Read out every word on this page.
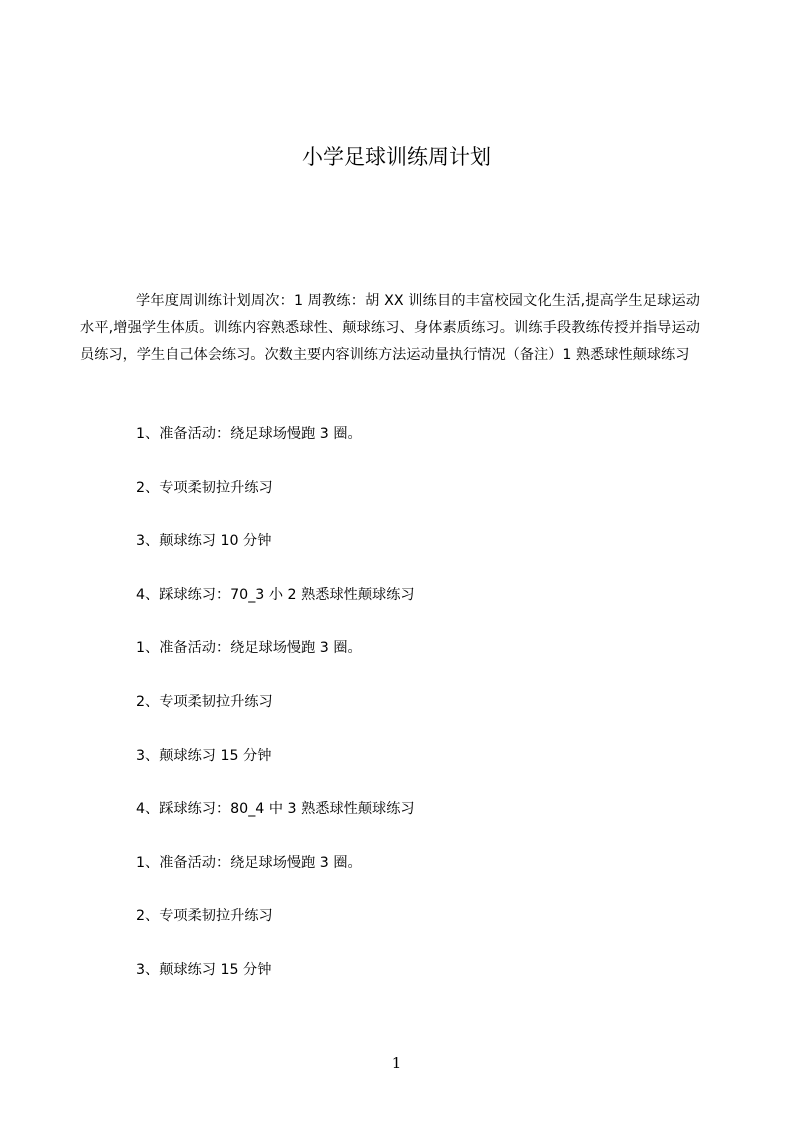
小学足球训练周计划

学年度周训练计划周次：1 周教练：胡 XX 训练目的丰富校园文化生活,提高学生足球运动水平,增强学生体质。训练内容熟悉球性、颠球练习、身体素质练习。训练手段教练传授并指导运动员练习，学生自己体会练习。次数主要内容训练方法运动量执行情况（备注）1 熟悉球性颠球练习

1、准备活动：绕足球场慢跑 3 圈。
2、专项柔韧拉升练习
3、颠球练习 10 分钟
4、踩球练习：70_3 小 2 熟悉球性颠球练习
1、准备活动：绕足球场慢跑 3 圈。
2、专项柔韧拉升练习
3、颠球练习 15 分钟
4、踩球练习：80_4 中 3 熟悉球性颠球练习
1、准备活动：绕足球场慢跑 3 圈。
2、专项柔韧拉升练习
3、颠球练习 15 分钟
1
